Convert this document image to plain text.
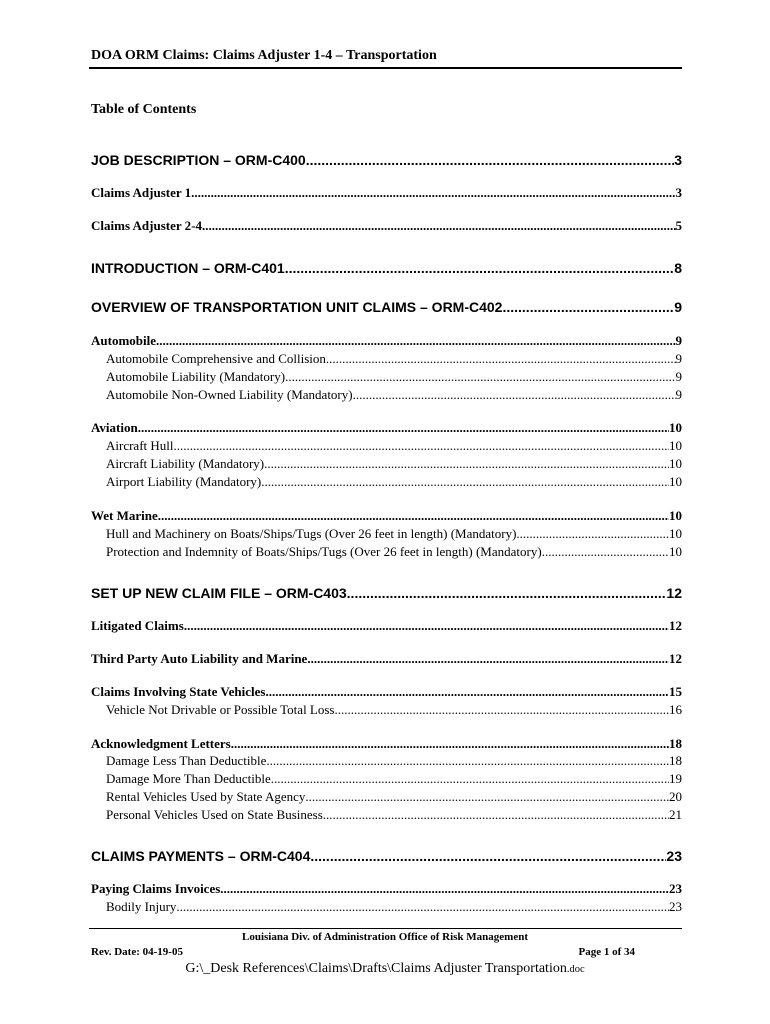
DOA ORM Claims: Claims Adjuster 1-4 – Transportation
Table of Contents
JOB DESCRIPTION – ORM-C400 .....	3
Claims Adjuster 1 .....	3
Claims Adjuster 2-4 .....	5
INTRODUCTION – ORM-C401 .....	8
OVERVIEW OF TRANSPORTATION UNIT CLAIMS – ORM-C402 .....	9
Automobile .....	9
Automobile Comprehensive and Collision .....	9
Automobile Liability (Mandatory) .....	9
Automobile Non-Owned Liability (Mandatory) .....	9
Aviation .....	10
Aircraft Hull .....	10
Aircraft Liability (Mandatory) .....	10
Airport Liability (Mandatory) .....	10
Wet Marine .....	10
Hull and Machinery on Boats/Ships/Tugs (Over 26 feet in length) (Mandatory) .....	10
Protection and Indemnity of Boats/Ships/Tugs (Over 26 feet in length) (Mandatory) .....	10
SET UP NEW CLAIM FILE – ORM-C403 .....	12
Litigated Claims .....	12
Third Party Auto Liability and Marine .....	12
Claims Involving State Vehicles .....	15
Vehicle Not Drivable or Possible Total Loss .....	16
Acknowledgment Letters .....	18
Damage Less Than Deductible .....	18
Damage More Than Deductible .....	19
Rental Vehicles Used by State Agency .....	20
Personal Vehicles Used on State Business .....	21
CLAIMS PAYMENTS – ORM-C404 .....	23
Paying Claims Invoices .....	23
Bodily Injury .....	23
Louisiana Div. of Administration Office of Risk Management
Rev. Date: 04-19-05	Page 1 of 34
G:\_Desk References\Claims\Drafts\Claims Adjuster Transportation.doc
